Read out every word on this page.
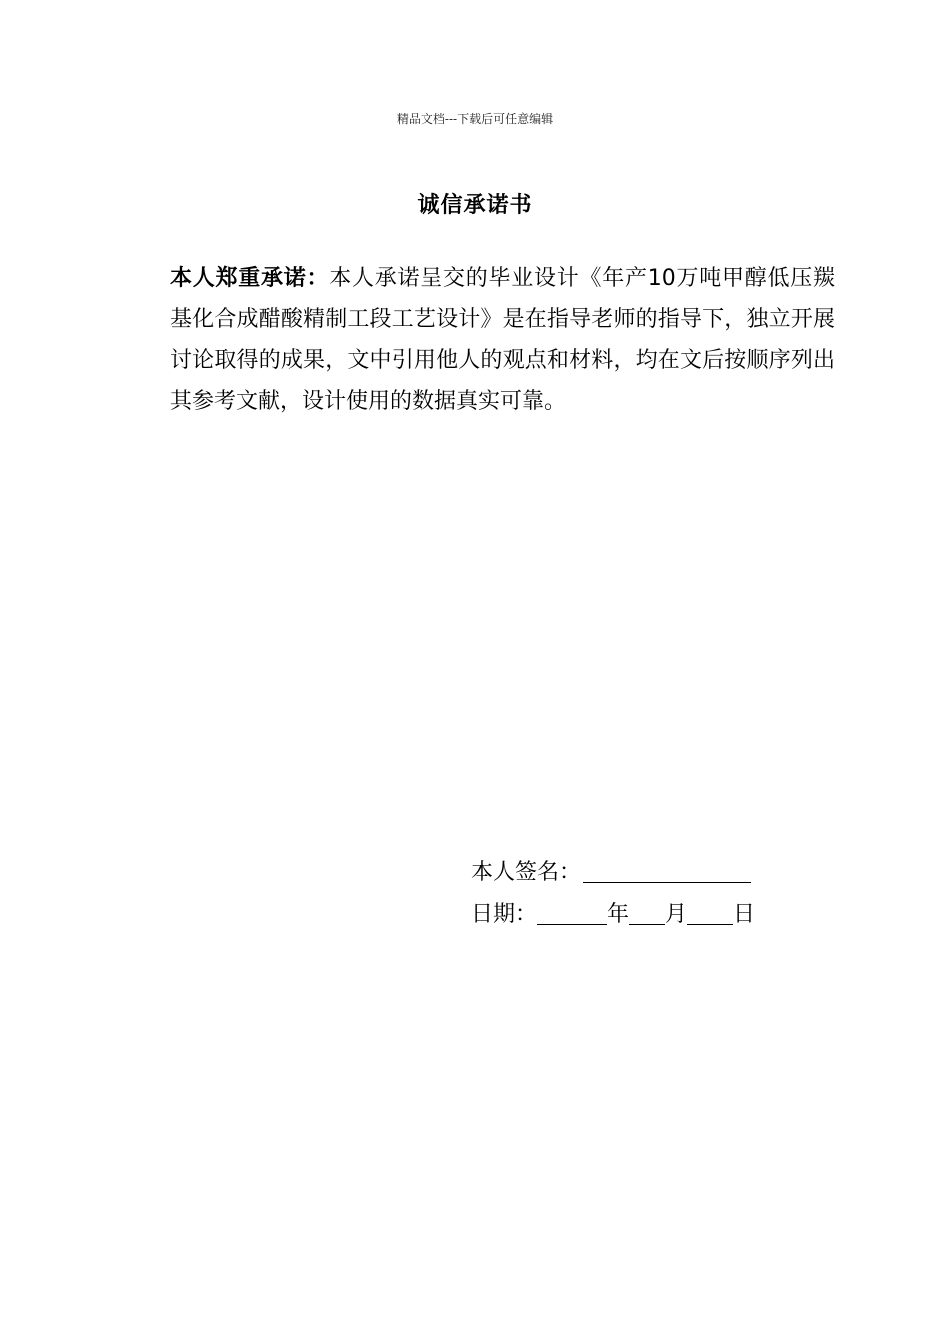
精品文档---下载后可任意编辑
诚信承诺书

本人郑重承诺：本人承诺呈交的毕业设计《年产10万吨甲醇低压羰基化合成醋酸精制工段工艺设计》是在指导老师的指导下，独立开展讨论取得的成果，文中引用他人的观点和材料，均在文后按顺序列出其参考文献，设计使用的数据真实可靠。

本人签名：
日期：	年 月 日
